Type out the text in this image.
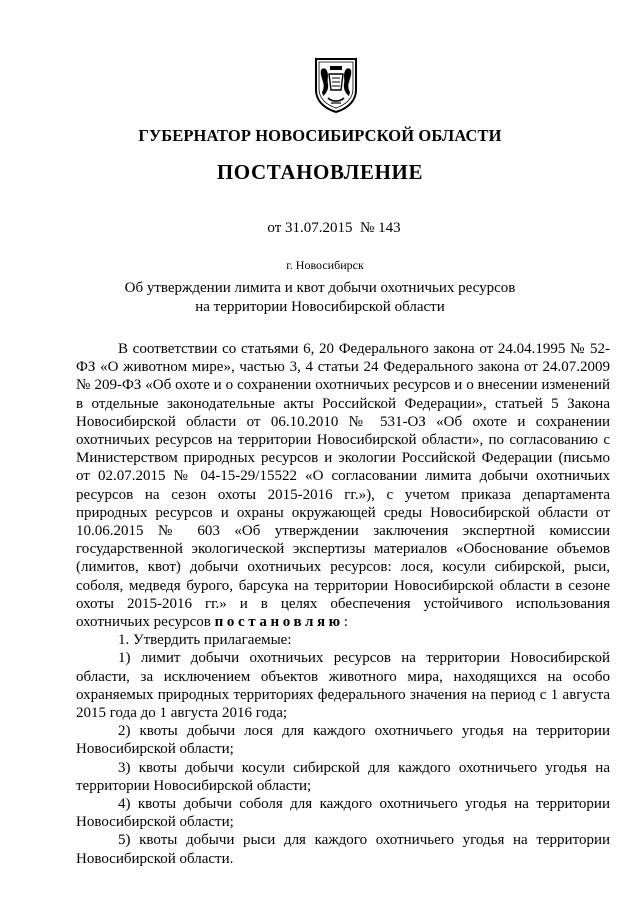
ГУБЕРНАТОР НОВОСИБИРСКОЙ ОБЛАСТИ
ПОСТАНОВЛЕНИЕ
от 31.07.2015 № 143
г. Новосибирск
Об утверждении лимита и квот добычи охотничьих ресурсов
на территории Новосибирской области

В соответствии со статьями 6, 20 Федерального закона от 24.04.1995 № 52-ФЗ «О животном мире», частью 3, 4 статьи 24 Федерального закона от 24.07.2009 № 209-ФЗ «Об охоте и о сохранении охотничьих ресурсов и о внесении изменений в отдельные законодательные акты Российской Федерации», статьей 5 Закона Новосибирской области от 06.10.2010 № 531-ОЗ «Об охоте и сохранении охотничьих ресурсов на территории Новосибирской области», по согласованию с Министерством природных ресурсов и экологии Российской Федерации (письмо от 02.07.2015 № 04-15-29/15522 «О согласовании лимита добычи охотничьих ресурсов на сезон охоты 2015-2016 гг.»), с учетом приказа департамента природных ресурсов и охраны окружающей среды Новосибирской области от 10.06.2015 № 603 «Об утверждении заключения экспертной комиссии государственной экологической экспертизы материалов «Обоснование объемов (лимитов, квот) добычи охотничьих ресурсов: лося, косули сибирской, рыси, соболя, медведя бурого, барсука на территории Новосибирской области в сезоне охоты 2015-2016 гг.» и в целях обеспечения устойчивого использования охотничьих ресурсов постановляю:

1. Утвердить прилагаемые:

1) лимит добычи охотничьих ресурсов на территории Новосибирской области, за исключением объектов животного мира, находящихся на особо охраняемых природных территориях федерального значения на период с 1 августа 2015 года до 1 августа 2016 года;

2) квоты добычи лося для каждого охотничьего угодья на территории Новосибирской области;

3) квоты добычи косули сибирской для каждого охотничьего угодья на территории Новосибирской области;

4) квоты добычи соболя для каждого охотничьего угодья на территории Новосибирской области;

5) квоты добычи рыси для каждого охотничьего угодья на территории Новосибирской области.
